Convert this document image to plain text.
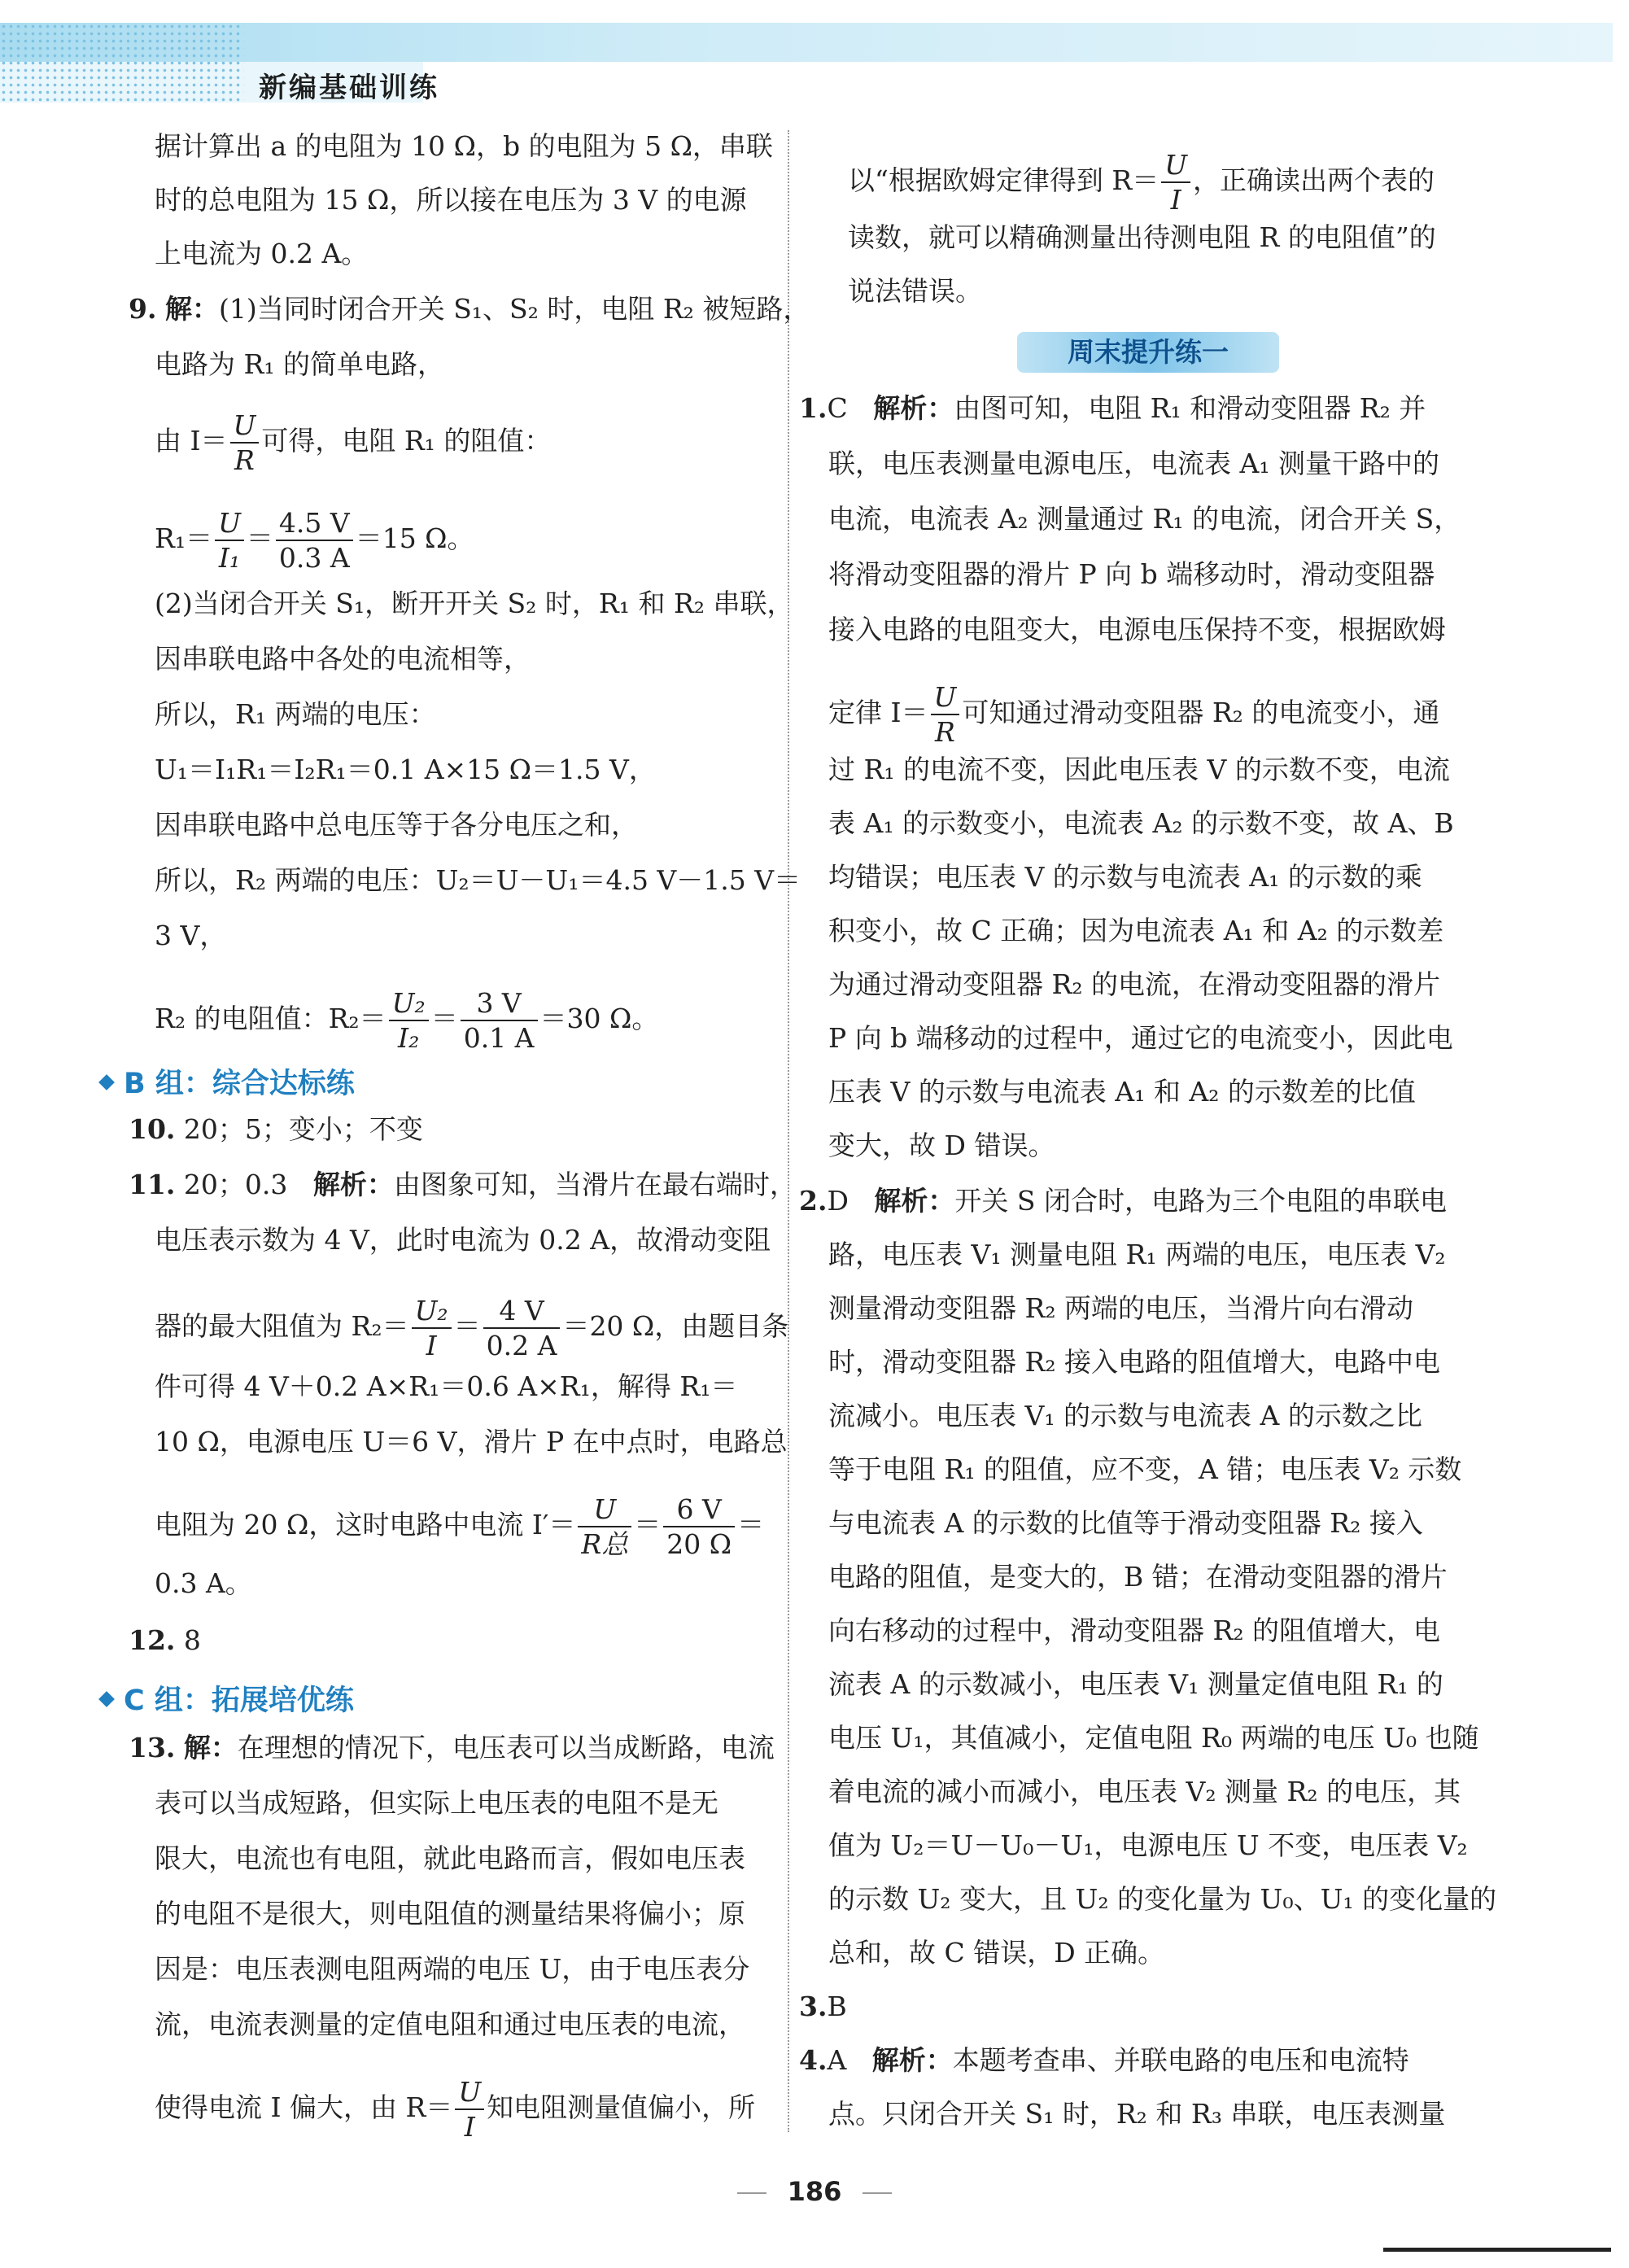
新编基础训练
据计算出 a 的电阻为 10 Ω，b 的电阻为 5 Ω，串联
时的总电阻为 15 Ω，所以接在电压为 3 V 的电源
上电流为 0.2 A。
9. 解：(1)当同时闭合开关 S₁、S₂ 时，电阻 R₂ 被短路，
电路为 R₁ 的简单电路，
由 $I= \frac{U}{R}$ 可得，电阻 R₁ 的阻值：
$R_1= \frac{U}{\text{I₁}} = \frac{4.5 V}{0.3 A} =15$ Ω。
(2)当闭合开关 S₁，断开开关 S₂ 时，R₁ 和 R₂ 串联，
因串联电路中各处的电流相等，
所以，R₁ 两端的电压：
U₁＝I₁R₁＝I₂R₁＝0.1 A×15 Ω＝1.5 V，
因串联电路中总电压等于各分电压之和，
所以，R₂ 两端的电压：U₂＝U－U₁＝4.5 V－1.5 V＝
3 V，
R₂ 的电阻值：$R_2= \frac{\text{U₂}}{\text{I₂}} = \frac{3 V}{0.1 A} =30$ Ω。
B 组：综合达标练
10. 20；5；变小；不变
11. 20；0.3 解析：由图象可知，当滑片在最右端时，
电压表示数为 4 V，此时电流为 0.2 A，故滑动变阻
器的最大阻值为 $R_2= \frac{\text{U₂}}{I} = \frac{4 V}{0.2 A} =20$ Ω，由题目条
件可得 4 V＋0.2 A×R₁＝0.6 A×R₁，解得 R₁＝
10 Ω，电源电压 U＝6 V，滑片 P 在中点时，电路总
电阻为 20 Ω，这时电路中电流 $I'= \frac{U}{\text{R总}} = \frac{6 V}{20 \Omega}$ ＝
0.3 A。
12. 8
C 组：拓展培优练
13. 解：在理想的情况下，电压表可以当成断路，电流
表可以当成短路，但实际上电压表的电阻不是无
限大，电流也有电阻，就此电路而言，假如电压表
的电阻不是很大，则电阻值的测量结果将偏小；原
因是：电压表测电阻两端的电压 U，由于电压表分
流，电流表测量的定值电阻和通过电压表的电流，
使得电流 I 偏大，由 $R= \frac{U}{I}$ 知电阻测量值偏小，所
以“根据欧姆定律得到 $R= \frac{U}{I}$ ，正确读出两个表的
读数，就可以精确测量出待测电阻 R 的电阻值”的
说法错误。
周末提升练一
1.C 解析：由图可知，电阻 R₁ 和滑动变阻器 R₂ 并
联，电压表测量电源电压，电流表 A₁ 测量干路中的
电流，电流表 A₂ 测量通过 R₁ 的电流，闭合开关 S，
将滑动变阻器的滑片 P 向 b 端移动时，滑动变阻器
接入电路的电阻变大，电源电压保持不变，根据欧姆
定律 $I= \frac{U}{R}$ 可知通过滑动变阻器 R₂ 的电流变小，通
过 R₁ 的电流不变，因此电压表 V 的示数不变，电流
表 A₁ 的示数变小，电流表 A₂ 的示数不变，故 A、B
均错误；电压表 V 的示数与电流表 A₁ 的示数的乘
积变小，故 C 正确；因为电流表 A₁ 和 A₂ 的示数差
为通过滑动变阻器 R₂ 的电流，在滑动变阻器的滑片
P 向 b 端移动的过程中，通过它的电流变小，因此电
压表 V 的示数与电流表 A₁ 和 A₂ 的示数差的比值
变大，故 D 错误。
2.D 解析：开关 S 闭合时，电路为三个电阻的串联电
路，电压表 V₁ 测量电阻 R₁ 两端的电压，电压表 V₂
测量滑动变阻器 R₂ 两端的电压，当滑片向右滑动
时，滑动变阻器 R₂ 接入电路的阻值增大，电路中电
流减小。电压表 V₁ 的示数与电流表 A 的示数之比
等于电阻 R₁ 的阻值，应不变，A 错；电压表 V₂ 示数
与电流表 A 的示数的比值等于滑动变阻器 R₂ 接入
电路的阻值，是变大的，B 错；在滑动变阻器的滑片
向右移动的过程中，滑动变阻器 R₂ 的阻值增大，电
流表 A 的示数减小，电压表 V₁ 测量定值电阻 R₁ 的
电压 U₁，其值减小，定值电阻 R₀ 两端的电压 U₀ 也随
着电流的减小而减小，电压表 V₂ 测量 R₂ 的电压，其
值为 U₂＝U－U₀－U₁，电源电压 U 不变，电压表 V₂
的示数 U₂ 变大，且 U₂ 的变化量为 U₀、U₁ 的变化量的
总和，故 C 错误，D 正确。
3.B
4.A 解析：本题考查串、并联电路的电压和电流特
点。只闭合开关 S₁ 时，R₂ 和 R₃ 串联，电压表测量
186
